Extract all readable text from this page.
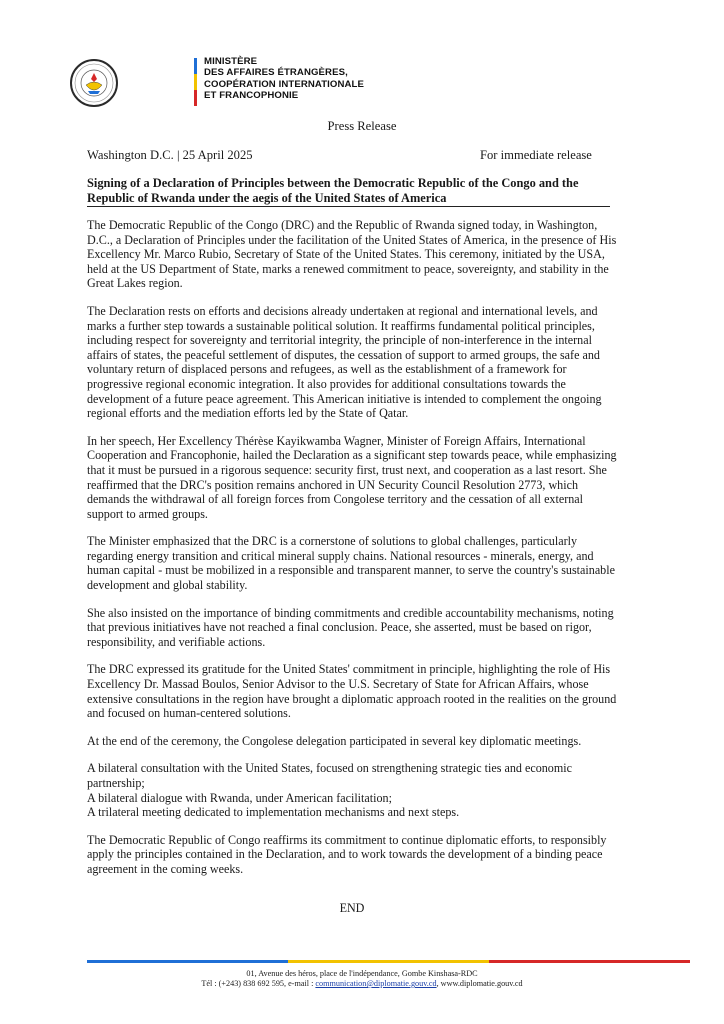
MINISTÈRE
DES AFFAIRES ÉTRANGÈRES,
COOPÉRATION INTERNATIONALE
ET FRANCOPHONIE
Press Release
Washington D.C. | 25 April 2025	For immediate release
Signing of a Declaration of Principles between the Democratic Republic of the Congo and the Republic of Rwanda under the aegis of the United States of America

The Democratic Republic of the Congo (DRC) and the Republic of Rwanda signed today, in Washington, D.C., a Declaration of Principles under the facilitation of the United States of America, in the presence of His Excellency Mr. Marco Rubio, Secretary of State of the United States. This ceremony, initiated by the USA, held at the US Department of State, marks a renewed commitment to peace, sovereignty, and stability in the Great Lakes region.

The Declaration rests on efforts and decisions already undertaken at regional and international levels, and marks a further step towards a sustainable political solution. It reaffirms fundamental political principles, including respect for sovereignty and territorial integrity, the principle of non-interference in the internal affairs of states, the peaceful settlement of disputes, the cessation of support to armed groups, the safe and voluntary return of displaced persons and refugees, as well as the establishment of a framework for progressive regional economic integration. It also provides for additional consultations towards the development of a future peace agreement. This American initiative is intended to complement the ongoing regional efforts and the mediation efforts led by the State of Qatar.

In her speech, Her Excellency Thérèse Kayikwamba Wagner, Minister of Foreign Affairs, International Cooperation and Francophonie, hailed the Declaration as a significant step towards peace, while emphasizing that it must be pursued in a rigorous sequence: security first, trust next, and cooperation as a last resort. She reaffirmed that the DRC's position remains anchored in UN Security Council Resolution 2773, which demands the withdrawal of all foreign forces from Congolese territory and the cessation of all external support to armed groups.

The Minister emphasized that the DRC is a cornerstone of solutions to global challenges, particularly regarding energy transition and critical mineral supply chains. National resources - minerals, energy, and human capital - must be mobilized in a responsible and transparent manner, to serve the country's sustainable development and global stability.

She also insisted on the importance of binding commitments and credible accountability mechanisms, noting that previous initiatives have not reached a final conclusion. Peace, she asserted, must be based on rigor, responsibility, and verifiable actions.

The DRC expressed its gratitude for the United States' commitment in principle, highlighting the role of His Excellency Dr. Massad Boulos, Senior Advisor to the U.S. Secretary of State for African Affairs, whose extensive consultations in the region have brought a diplomatic approach rooted in the realities on the ground and focused on human-centered solutions.

At the end of the ceremony, the Congolese delegation participated in several key diplomatic meetings.

A bilateral consultation with the United States, focused on strengthening strategic ties and economic partnership;

A bilateral dialogue with Rwanda, under American facilitation;

A trilateral meeting dedicated to implementation mechanisms and next steps.

The Democratic Republic of Congo reaffirms its commitment to continue diplomatic efforts, to responsibly apply the principles contained in the Declaration, and to work towards the development of a binding peace agreement in the coming weeks.

END

01, Avenue des héros, place de l'indépendance, Gombe Kinshasa-RDC
Tél : (+243) 838 692 595, e-mail : communication@diplomatie.gouv.cd, www.diplomatie.gouv.cd
